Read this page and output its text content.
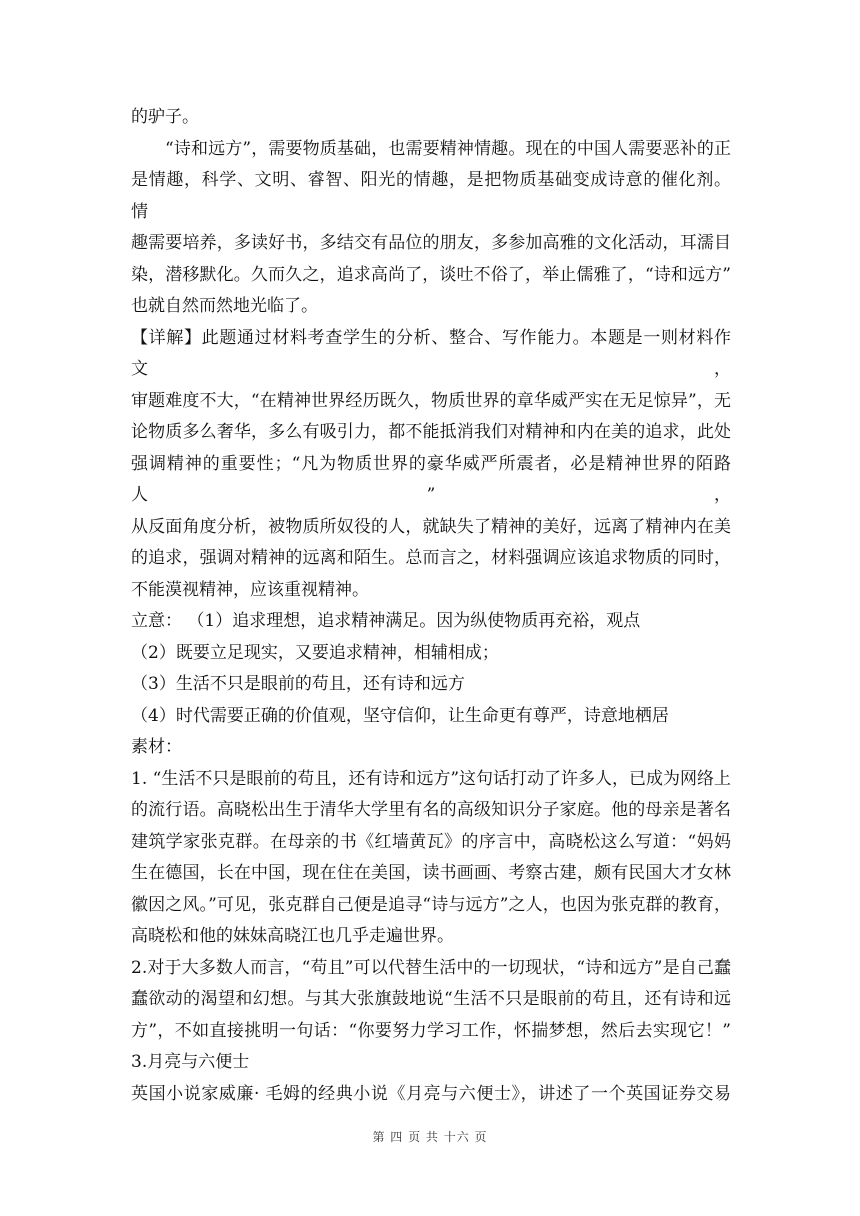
的驴子。

“诗和远方”，需要物质基础，也需要精神情趣。现在的中国人需要恶补的正

是情趣，科学、文明、睿智、阳光的情趣，是把物质基础变成诗意的催化剂。 情

趣需要培养，多读好书，多结交有品位的朋友，多参加高雅的文化活动，耳濡目

染，潜移默化。久而久之，追求高尚了，谈吐不俗了，举止儒雅了，“诗和远方”

也就自然而然地光临了。

【详解】此题通过材料考查学生的分析、整合、写作能力。本题是一则材料作文，

审题难度不大，“在精神世界经历既久，物质世界的章华威严实在无足惊异”，无

论物质多么奢华，多么有吸引力，都不能抵消我们对精神和内在美的追求，此处

强调精神的重要性；“凡为物质世界的豪华威严所震者，必是精神世界的陌路人”，

从反面角度分析，被物质所奴役的人，就缺失了精神的美好，远离了精神内在美

的追求，强调对精神的远离和陌生。总而言之，材料强调应该追求物质的同时，

不能漠视精神，应该重视精神。

立意： （1）追求理想，追求精神满足。因为纵使物质再充裕，观点

（2）既要立足现实，又要追求精神，相辅相成；

（3）生活不只是眼前的苟且，还有诗和远方

（4）时代需要正确的价值观，坚守信仰，让生命更有尊严，诗意地栖居

素材：

1. “生活不只是眼前的苟且，还有诗和远方”这句话打动了许多人，已成为网络上

的流行语。高晓松出生于清华大学里有名的高级知识分子家庭。他的母亲是著名

建筑学家张克群。在母亲的书《红墙黄瓦》的序言中，高晓松这么写道：“妈妈

生在德国，长在中国，现在住在美国，读书画画、考察古建，颇有民国大才女林

徽因之风。”可见，张克群自己便是追寻“诗与远方”之人，也因为张克群的教育，

高晓松和他的妹妹高晓江也几乎走遍世界。

2.对于大多数人而言，“苟且”可以代替生活中的一切现状，“诗和远方”是自己蠢

蠢欲动的渴望和幻想。与其大张旗鼓地说“生活不只是眼前的苟且，还有诗和远

方”，不如直接挑明一句话：“你要努力学习工作，怀揣梦想，然后去实现它！”

3.月亮与六便士

英国小说家威廉· 毛姆的经典小说《月亮与六便士》，讲述了一个英国证券交易

第 四 页 共 十六 页
